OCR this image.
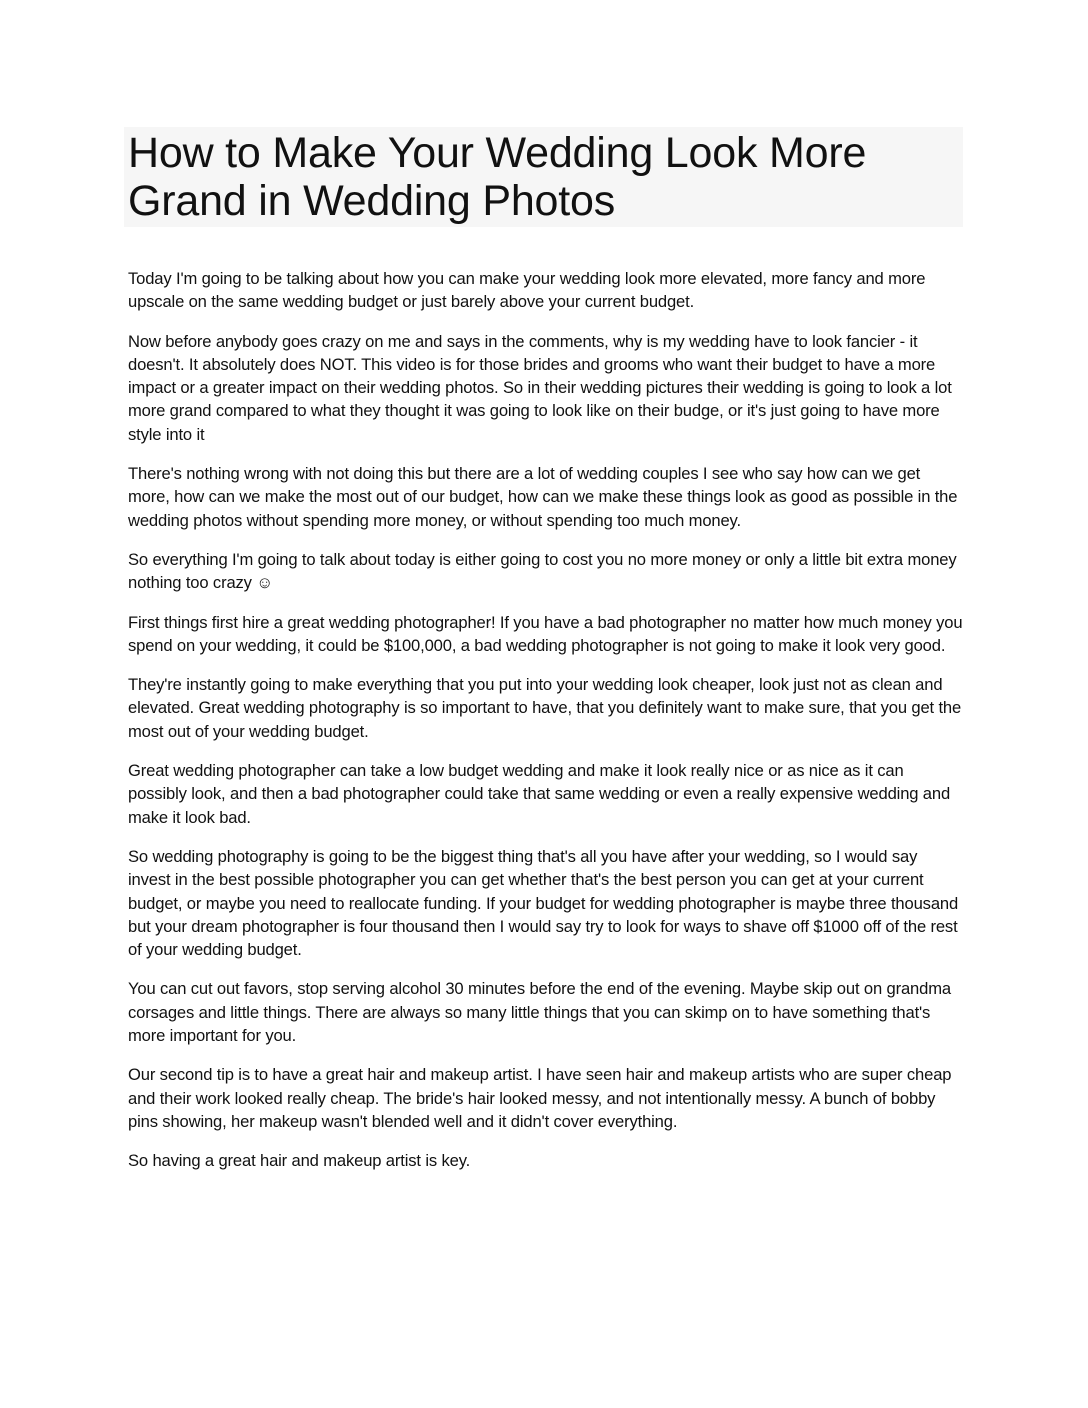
How to Make Your Wedding Look More Grand in Wedding Photos

Today I'm going to be talking about how you can make your wedding look more elevated, more fancy and more upscale on the same wedding budget or just barely above your current budget.

Now before anybody goes crazy on me and says in the comments, why is my wedding have to look fancier - it doesn't. It absolutely does NOT. This video is for those brides and grooms who want their budget to have a more impact or a greater impact on their wedding photos. So in their wedding pictures their wedding is going to look a lot more grand compared to what they thought it was going to look like on their budge, or it's just going to have more style into it

There's nothing wrong with not doing this but there are a lot of wedding couples I see who say how can we get more, how can we make the most out of our budget, how can we make these things look as good as possible in the wedding photos without spending more money, or without spending too much money.

So everything I'm going to talk about today is either going to cost you no more money or only a little bit extra money nothing too crazy ☺

First things first hire a great wedding photographer! If you have a bad photographer no matter how much money you spend on your wedding, it could be $100,000, a bad wedding photographer is not going to make it look very good.

They're instantly going to make everything that you put into your wedding look cheaper, look just not as clean and elevated. Great wedding photography is so important to have, that you definitely want to make sure, that you get the most out of your wedding budget.

Great wedding photographer can take a low budget wedding and make it look really nice or as nice as it can possibly look, and then a bad photographer could take that same wedding or even a really expensive wedding and make it look bad.

So wedding photography is going to be the biggest thing that's all you have after your wedding, so I would say invest in the best possible photographer you can get whether that's the best person you can get at your current budget, or maybe you need to reallocate funding. If your budget for wedding photographer is maybe three thousand but your dream photographer is four thousand then I would say try to look for ways to shave off $1000 off of the rest of your wedding budget.

You can cut out favors, stop serving alcohol 30 minutes before the end of the evening. Maybe skip out on grandma corsages and little things. There are always so many little things that you can skimp on to have something that's more important for you.

Our second tip is to have a great hair and makeup artist. I have seen hair and makeup artists who are super cheap and their work looked really cheap. The bride's hair looked messy, and not intentionally messy. A bunch of bobby pins showing, her makeup wasn't blended well and it didn't cover everything.

So having a great hair and makeup artist is key.
